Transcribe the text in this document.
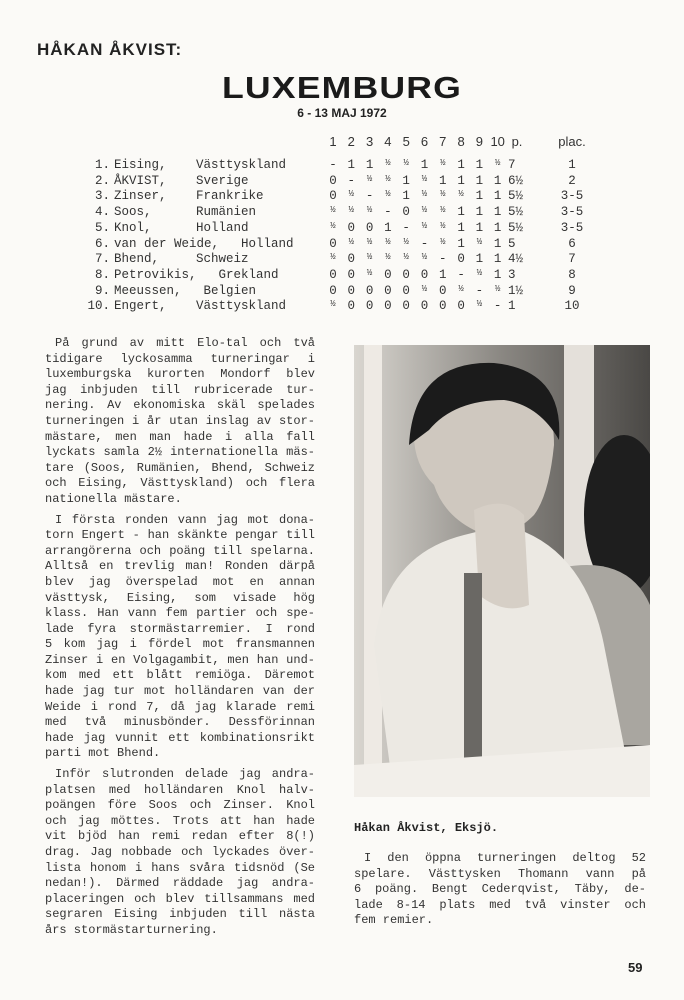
HÅKAN ÅKVIST:
LUXEMBURG
6 - 13 MAJ 1972
1 2 3 4 5 6 7 8 9 10 p.	plac.
1. Eising, Västtyskland	- 1 1	½	½ 1	½ 1 1	½ 7	1
2. ÅKVIST, Sverige	0 -	½	½ 1	½ 1 1 1 1 6½	2
3. Zinser, Frankrike	0	½ -	½ 1	½	½	½ 1 1 5½	3-5
4. Soos,	Rumänien	½	½	½ - 0	½	½ 1 1 1 5½	3-5
5. Knol,	Holland	½ 0 0 1 -	½	½ 1 1 1 5½	3-5
6. van der Weide, Holland	0	½	½	½	½ -	½ 1	½ 1 5	6
7. Bhend,	Schweiz	½ 0	½	½	½	½ - 0 1 1 4½	7
8. Petrovikis, Grekland	0 0	½ 0 0 0 1 -	½ 1 3	8
9. Meeussen, Belgien	0 0 0 0 0	½ 0	½ -	½ 1½	9
10. Engert, Västtyskland	½ 0 0 0 0 0 0 0	½ - 1	10
På grund av mitt Elo-tal och två
tidigare lyckosamma turneringar i
luxemburgska kurorten Mondorf blev
jag inbjuden till rubricerade tur-
nering. Av ekonomiska skäl spelades
turneringen i år utan inslag av stor-
mästare, men man hade i alla fall
lyckats samla 2½ internationella mäs-
tare (Soos, Rumänien, Bhend, Schweiz
och Eising, Västtyskland) och flera
nationella mästare.
I första ronden vann jag mot dona-
torn Engert - han skänkte pengar till
arrangörerna och poäng till spelarna.
Alltså en trevlig man! Ronden därpå
blev jag överspelad mot en annan
västtysk, Eising, som visade hög
klass. Han vann fem partier och spe-
lade fyra stormästarremier. I rond
5 kom jag i fördel mot fransmannen
Zinser i en Volgagambit, men han und-
kom med ett blått remiöga. Däremot
hade jag tur mot holländaren van der
Weide i rond 7, då jag klarade remi
med två minusbönder. Dessförinnan
hade jag vunnit ett kombinationsrikt
parti mot Bhend.
Inför slutronden delade jag andra-
platsen med holländaren Knol halv-
poängen före Soos och Zinser. Knol
och jag möttes. Trots att han hade
vit bjöd han remi redan efter 8(!)
drag. Jag nobbade och lyckades över-
lista honom i hans svåra tidsnöd (Se
nedan!). Därmed räddade jag andra-
placeringen och blev tillsammans med
segraren Eising inbjuden till nästa
års stormästarturnering.
Håkan Åkvist, Eksjö.
I den öppna turneringen deltog 52
spelare. Västtysken Thomann vann på
6 poäng. Bengt Cederqvist, Täby, de-
lade 8-14 plats med två vinster och
fem remier.
59
